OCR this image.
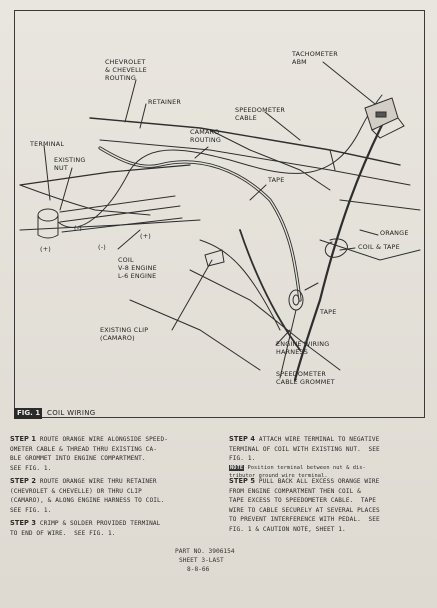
CHEVROLET
& CHEVELLE
ROUTING
RETAINER
CAMARO
ROUTING
TERMINAL
EXISTING
NUT
TACHOMETER
ABM
SPEEDOMETER
CABLE
TAPE
ORANGE
COIL & TAPE
TAPE
COIL
V-8 ENGINE
L-6 ENGINE
EXISTING CLIP
(CAMARO)
ENGINE WIRING
HARNESS
SPEEDOMETER
CABLE GROMMET
(-)
(+)
(+)	(-)
FIG. 1 COIL WIRING
STEP 1 ROUTE ORANGE WIRE ALONGSIDE SPEED-
OMETER CABLE & THREAD THRU EXISTING CA-
BLE GROMMET INTO ENGINE COMPARTMENT.
SEE FIG. 1.
STEP 2 ROUTE ORANGE WIRE THRU RETAINER
(CHEVROLET & CHEVELLE) OR THRU CLIP
(CAMARO), & ALONG ENGINE HARNESS TO COIL.
SEE FIG. 1.
STEP 3 CRIMP & SOLDER PROVIDED TERMINAL
TO END OF WIRE.  SEE FIG. 1.
STEP 4 ATTACH WIRE TERMINAL TO NEGATIVE
TERMINAL OF COIL WITH EXISTING NUT.  SEE
FIG. 1.
NOTE Position terminal between nut & dis-
tributor ground wire terminal.
STEP 5 PULL BACK ALL EXCESS ORANGE WIRE
FROM ENGINE COMPARTMENT THEN COIL &
TAPE EXCESS TO SPEEDOMETER CABLE.  TAPE
WIRE TO CABLE SECURELY AT SEVERAL PLACES
TO PREVENT INTERFERENCE WITH PEDAL.  SEE
FIG. 1 & CAUTION NOTE, SHEET 1.
PART NO. 3906154
SHEET 3-LAST
8-8-66
